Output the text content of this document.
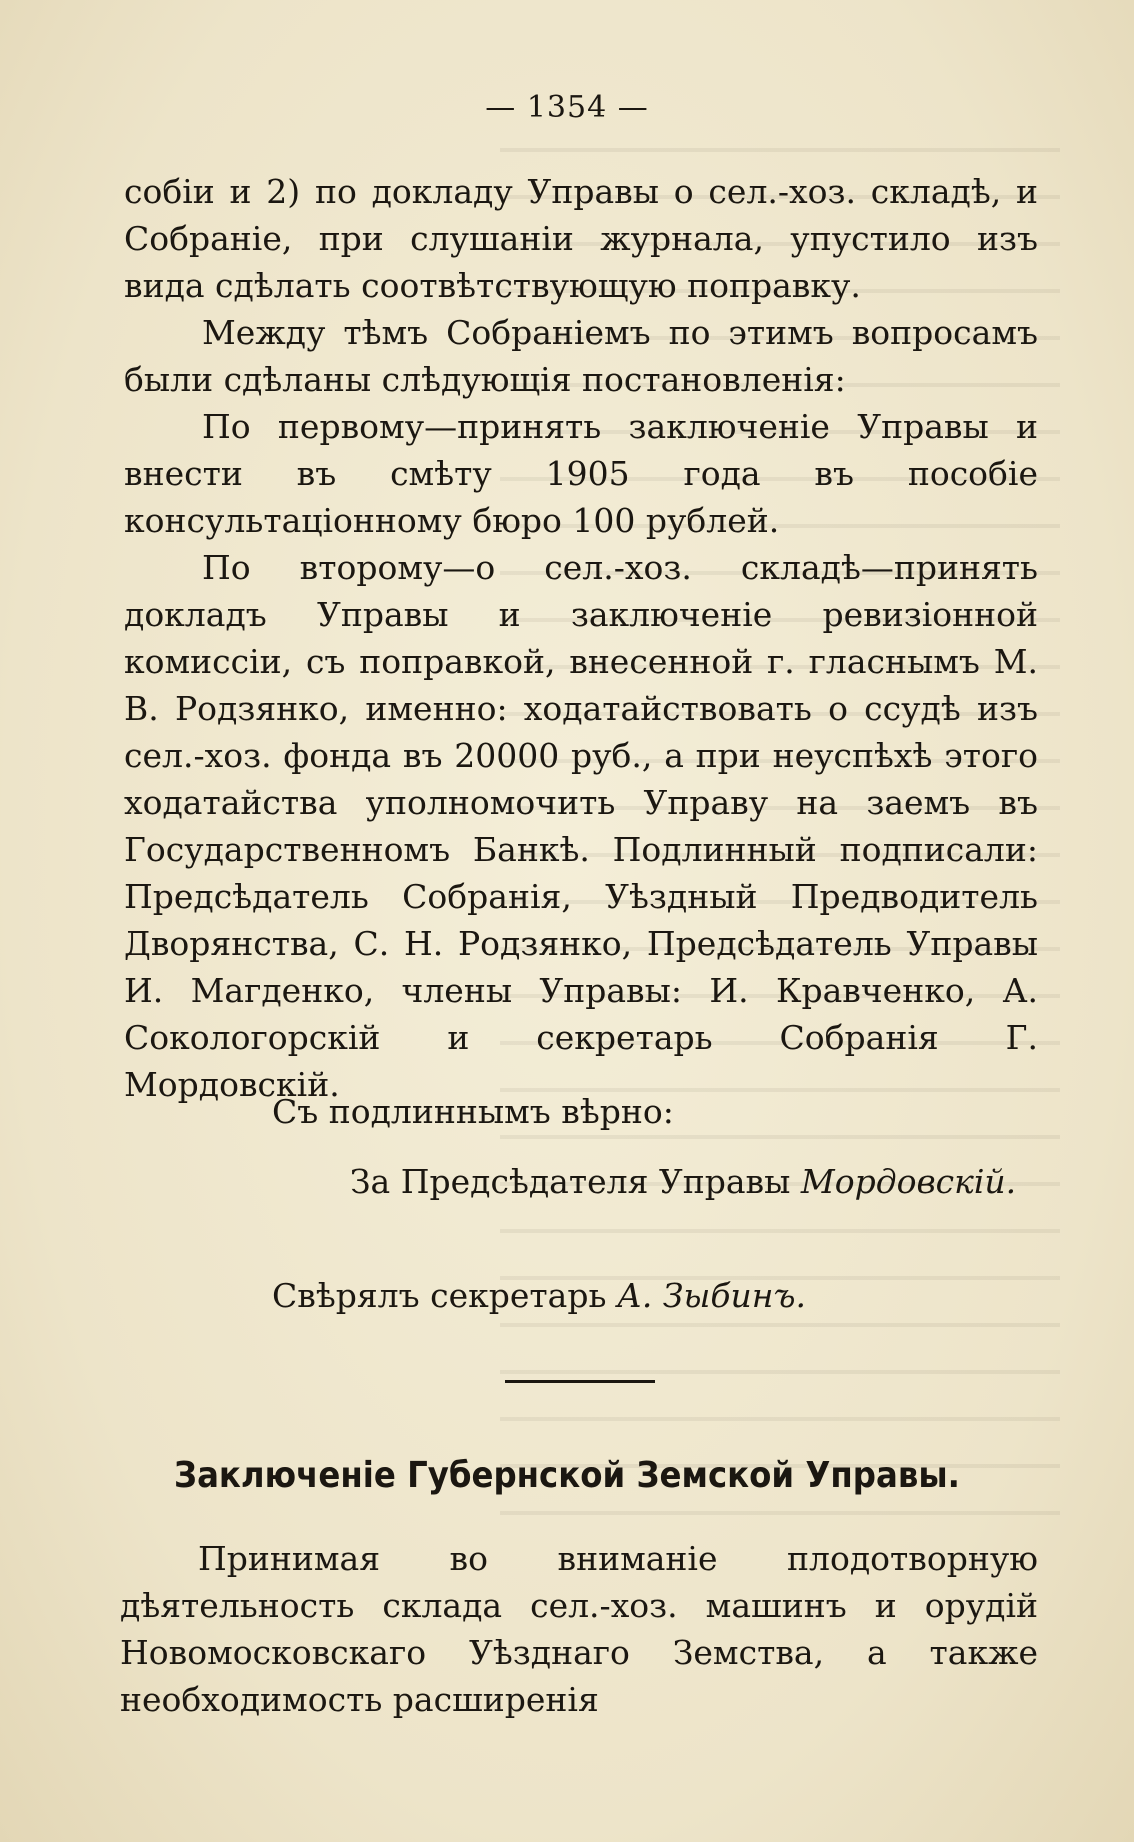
— 1354 —

собіи и 2) по докладу Управы о сел.-хоз. складѣ, и Собраніе, при слушаніи журнала, упустило изъ вида сдѣлать соотвѣтствующую поправку.

Между тѣмъ Собраніемъ по этимъ вопросамъ были сдѣланы слѣдующія постановленія:

По первому—принять заключеніе Управы и внести въ смѣту 1905 года въ пособіе консультаціонному бюро 100 рублей.

По второму—о сел.-хоз. складѣ—принять докладъ Управы и заключеніе ревизіонной комиссіи, съ поправкой, внесенной г. гласнымъ М. В. Родзянко, именно: ходатайствовать о ссудѣ изъ сел.-хоз. фонда въ 20000 руб., а при неуспѣхѣ этого ходатайства уполномочить Управу на заемъ въ Государственномъ Банкѣ. Подлинный подписали: Предсѣдатель Собранія, Уѣздный Предводитель Дворянства, С. Н. Родзянко, Предсѣдатель Управы И. Магденко, члены Управы: И. Кравченко, А. Сокологорскій и секретарь Собранія Г. Мордовскій.

Съ подлиннымъ вѣрно:
За Предсѣдателя Управы Мордовскій.
Свѣрялъ секретарь А. Зыбинъ.
Заключеніе Губернской Земской Управы.

Принимая во вниманіе плодотворную дѣятельность склада сел.-хоз. машинъ и орудій Новомосковскаго Уѣзднаго Земства, а также необходимость расширенія
